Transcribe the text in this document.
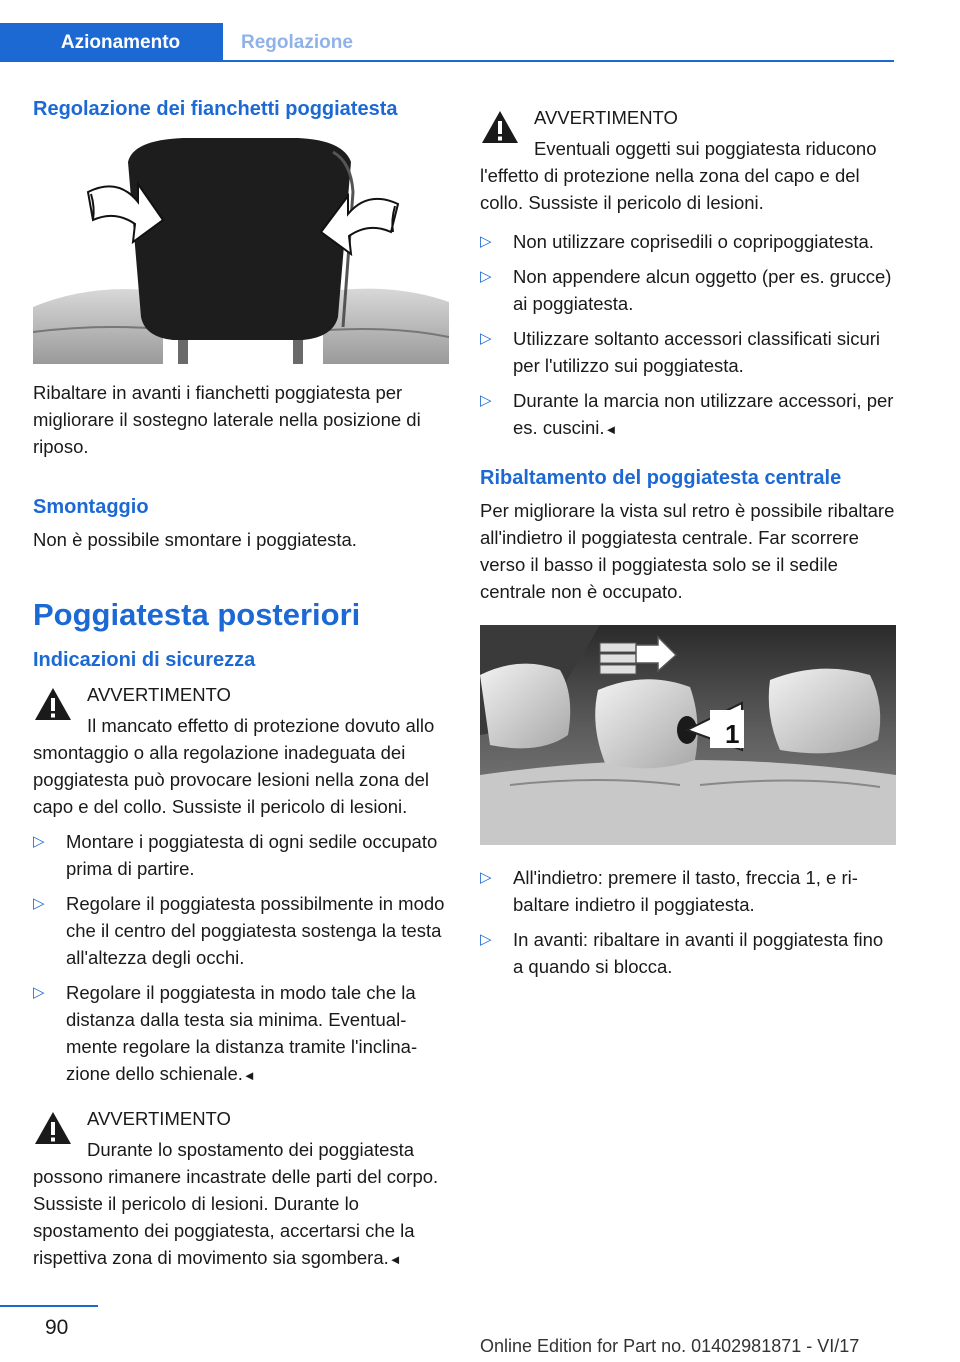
Azionamento	Regolazione
Regolazione dei fianchetti poggiatesta

Ribaltare in avanti i fianchetti poggiatesta per migliorare il sostegno laterale nella posizione di riposo.

Smontaggio

Non è possibile smontare i poggiatesta.

Poggiatesta posteriori
Indicazioni di sicurezza
AVVERTIMENTO

Il mancato effetto di protezione dovuto allo smontaggio o alla regolazione inadeguata dei poggiatesta può provocare lesioni nella zona del capo e del collo. Sussiste il pericolo di lesioni.

▷ Montare i poggiatesta di ogni sedile occupato prima di partire.
▷ Regolare il poggiatesta possibilmente in modo che il centro del poggiatesta sostenga la testa all'altezza degli occhi.
▷ Regolare il poggiatesta in modo tale che la distanza dalla testa sia minima. Eventualmente regolare la distanza tramite l'inclinazione dello schienale.◄
AVVERTIMENTO

Durante lo spostamento dei poggiatesta possono rimanere incastrate delle parti del corpo. Sussiste il pericolo di lesioni. Durante lo spostamento dei poggiatesta, accertarsi che la rispettiva zona di movimento sia sgombera.◄

AVVERTIMENTO

Eventuali oggetti sui poggiatesta riducono l'effetto di protezione nella zona del capo e del collo. Sussiste il pericolo di lesioni.

▷ Non utilizzare coprisedili o copripoggiatesta.
▷ Non appendere alcun oggetto (per es. grucce) ai poggiatesta.
▷ Utilizzare soltanto accessori classificati sicuri per l'utilizzo sui poggiatesta.
▷ Durante la marcia non utilizzare accessori, per es. cuscini.◄
Ribaltamento del poggiatesta centrale

Per migliorare la vista sul retro è possibile ribaltare all'indietro il poggiatesta centrale. Far scorrere verso il basso il poggiatesta solo se il sedile centrale non è occupato.

1
▷ All'indietro: premere il tasto, freccia 1, e ribaltare indietro il poggiatesta.
▷ In avanti: ribaltare in avanti il poggiatesta fino a quando si blocca.
90
Online Edition for Part no. 01402981871 - VI/17
